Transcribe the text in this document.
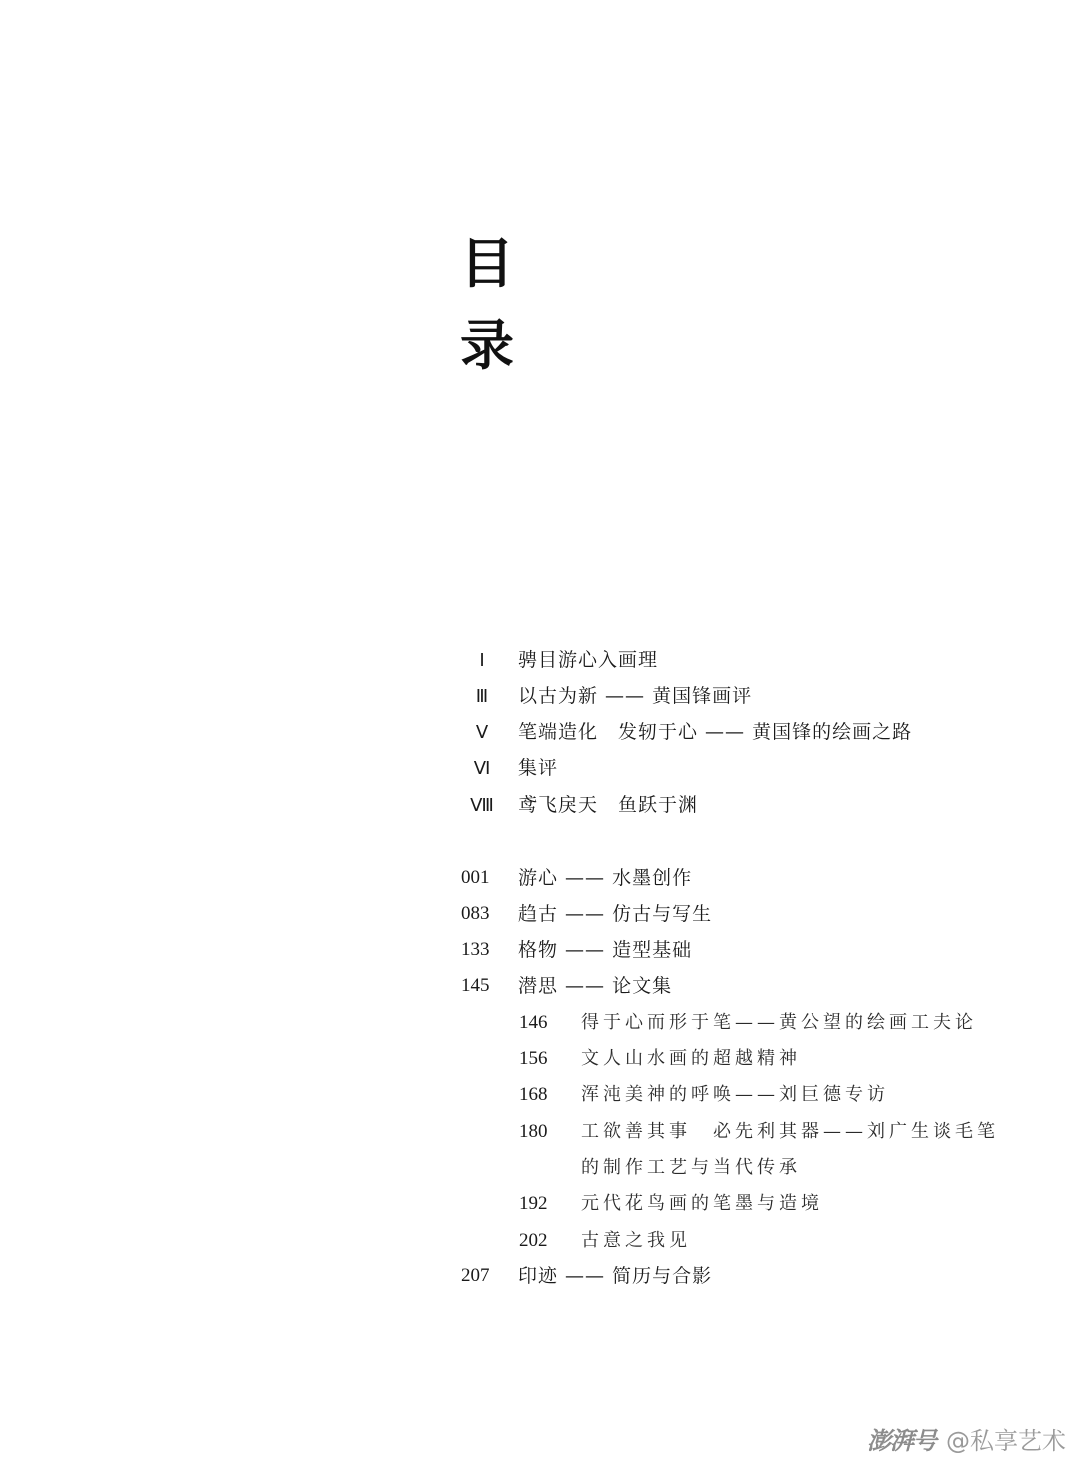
目
录
Ⅰ	骋目游心入画理
Ⅲ	以古为新 —— 黄国锋画评
Ⅴ	笔端造化　发轫于心 —— 黄国锋的绘画之路
Ⅵ	集评
Ⅷ	鸢飞戾天　鱼跃于渊
001 游心 —— 水墨创作
083 趋古 —— 仿古与写生
133 格物 —— 造型基础
145 潜思 —— 论文集
146 得于心而形于笔——黄公望的绘画工夫论
156 文人山水画的超越精神
168 浑沌美神的呼唤——刘巨德专访
180 工欲善其事　必先利其器——刘广生谈毛笔
的制作工艺与当代传承
192 元代花鸟画的笔墨与造境
202 古意之我见
207 印迹 —— 简历与合影
澎湃号 @私享艺术
